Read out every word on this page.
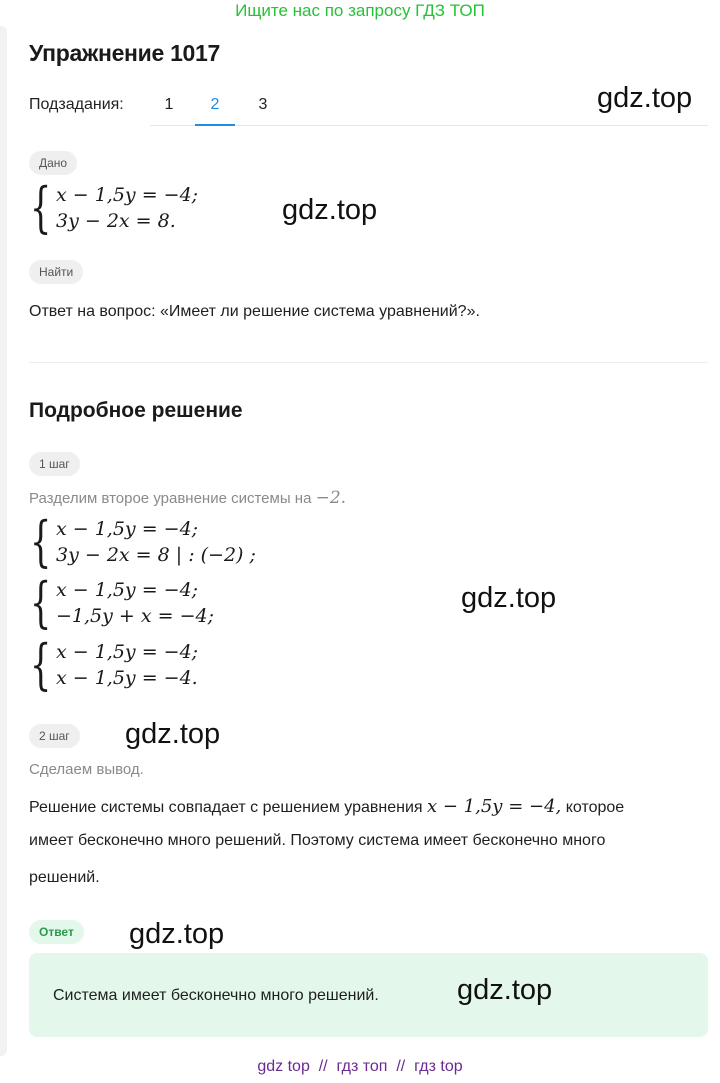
Ищите нас по запросу ГДЗ ТОП
Упражнение 1017
Подзадания:	1	2	3	gdz.top
Дано
{ x − 1,5y = −4;
3y − 2x = 8.	gdz.top
Найти
Ответ на вопрос: «Имеет ли решение система уравнений?».
Подробное решение
1 шаг
Разделим второе уравнение системы на −2.
{ x − 1,5y = −4;
3y − 2x = 8 | : (−2) ;
{ x − 1,5y = −4;
−1,5y + x = −4;
gdz.top
{ x − 1,5y = −4;
x − 1,5y = −4.
2 шаг	gdz.top
Сделаем вывод.
Решение системы совпадает с решением уравнения x − 1,5y = −4, которое
имеет бесконечно много решений. Поэтому система имеет бесконечно много
решений.
Ответ	gdz.top
Система имеет бесконечно много решений.	gdz.top
gdz top // гдз топ // гдз top
